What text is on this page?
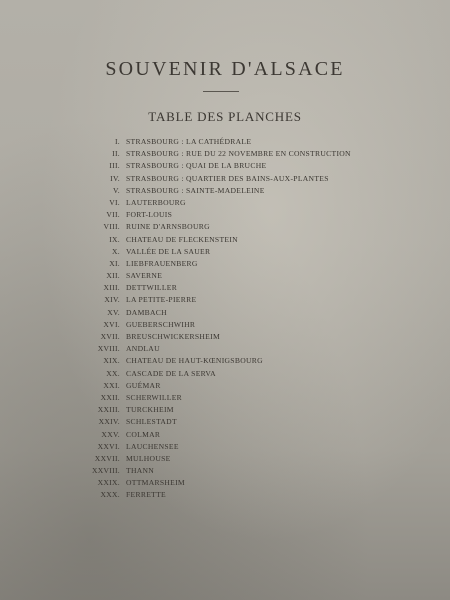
SOUVENIR D'ALSACE
TABLE DES PLANCHES
I. STRASBOURG : LA CATHÉDRALE
II. STRASBOURG : RUE DU 22 NOVEMBRE EN CONSTRUCTION
III. STRASBOURG : QUAI DE LA BRUCHE
IV. STRASBOURG : QUARTIER DES BAINS-AUX-PLANTES
V. STRASBOURG : SAINTE-MADELEINE
VI. LAUTERBOURG
VII. FORT-LOUIS
VIII. RUINE D'ARNSBOURG
IX. CHATEAU DE FLECKENSTEIN
X. VALLÉE DE LA SAUER
XI. LIEBFRAUENBERG
XII. SAVERNE
XIII. DETTWILLER
XIV. LA PETITE-PIERRE
XV. DAMBACH
XVI. GUEBERSCHWIHR
XVII. BREUSCHWICKERSHEIM
XVIII. ANDLAU
XIX. CHATEAU DE HAUT-KŒNIGSBOURG
XX. CASCADE DE LA SERVA
XXI. GUÉMAR
XXII. SCHERWILLER
XXIII. TURCKHEIM
XXIV. SCHLESTADT
XXV. COLMAR
XXVI. LAUCHENSEE
XXVII. MULHOUSE
XXVIII. THANN
XXIX. OTTMARSHEIM
XXX. FERRETTE
